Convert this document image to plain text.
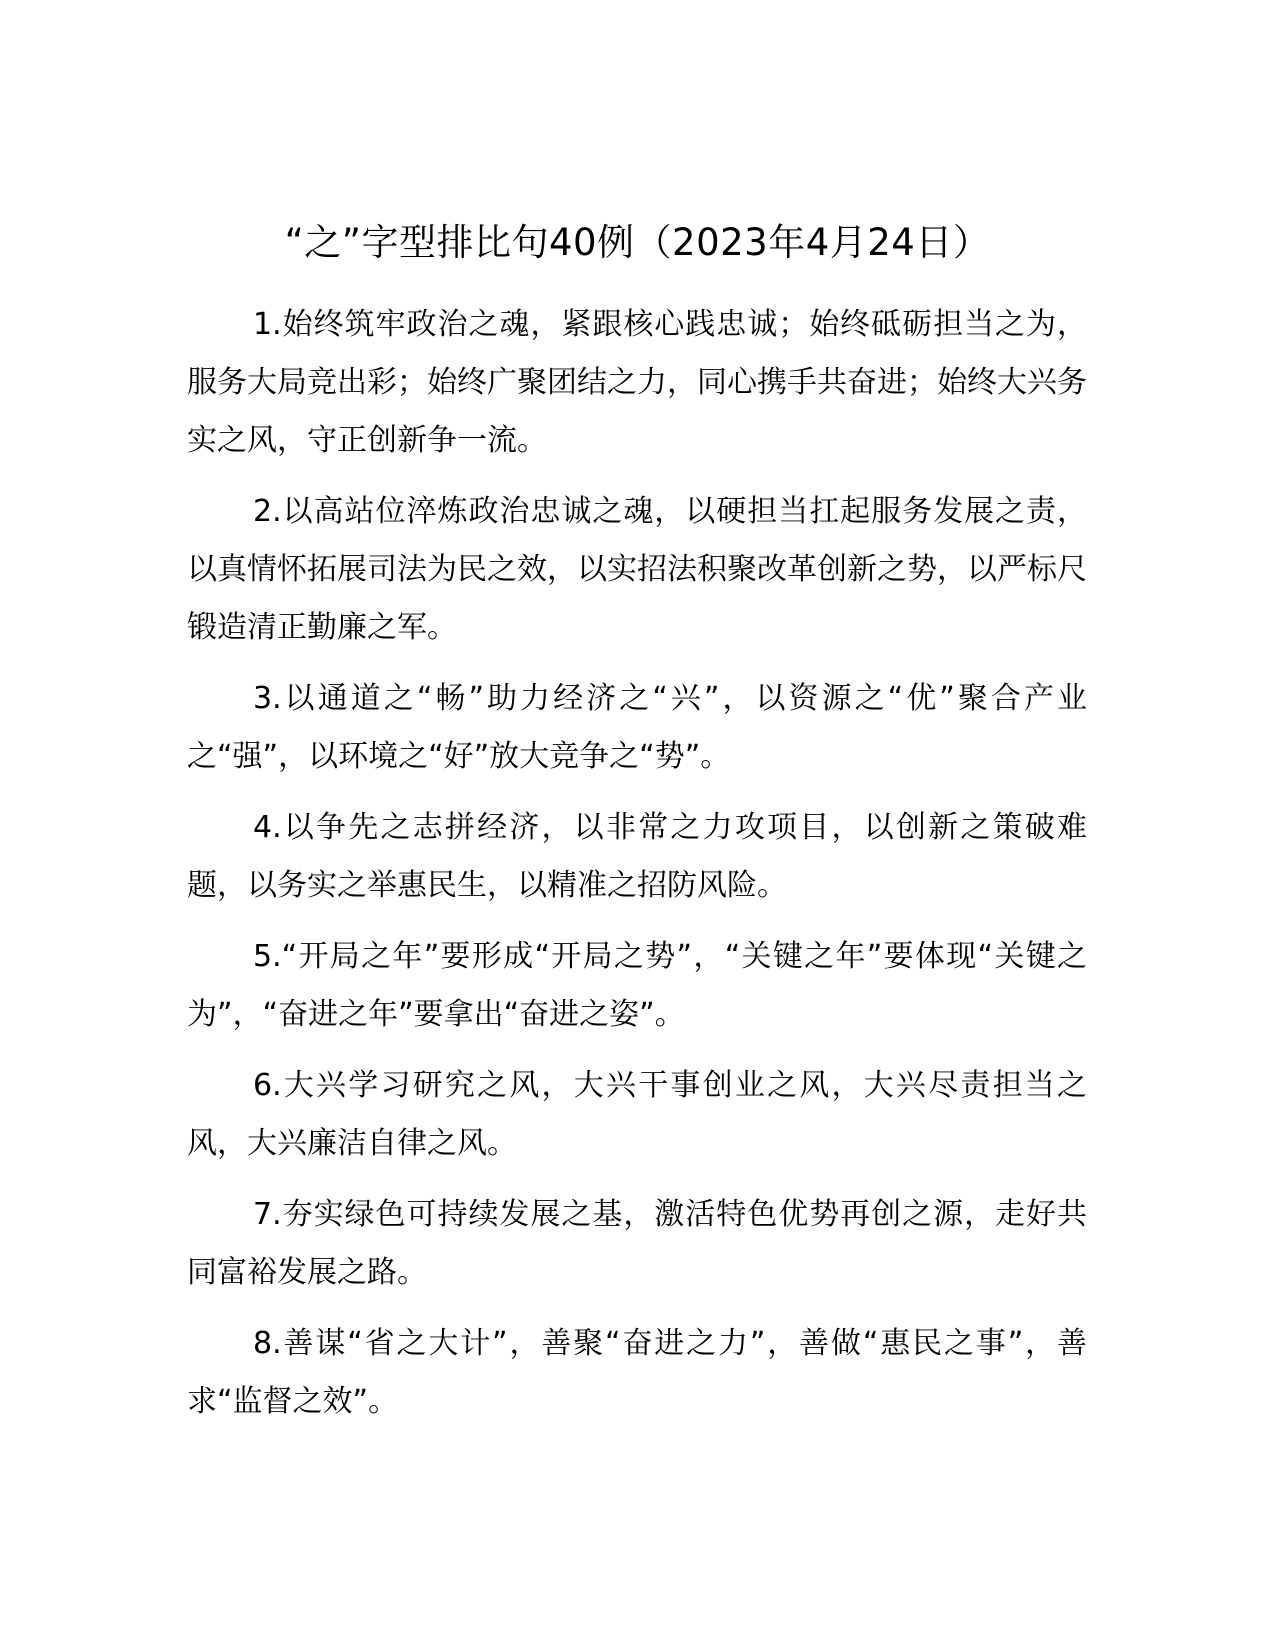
“之”字型排比句40例（2023年4月24日）

1.始终筑牢政治之魂，紧跟核心践忠诚；始终砥砺担当之为，服务大局竞出彩；始终广聚团结之力，同心携手共奋进；始终大兴务实之风，守正创新争一流。

2.以高站位淬炼政治忠诚之魂，以硬担当扛起服务发展之责，以真情怀拓展司法为民之效，以实招法积聚改革创新之势，以严标尺锻造清正勤廉之军。

3.以通道之“畅”助力经济之“兴”，以资源之“优”聚合产业之“强”，以环境之“好”放大竞争之“势”。

4.以争先之志拼经济，以非常之力攻项目，以创新之策破难题，以务实之举惠民生，以精准之招防风险。

5.“开局之年”要形成“开局之势”，“关键之年”要体现“关键之为”，“奋进之年”要拿出“奋进之姿”。

6.大兴学习研究之风，大兴干事创业之风，大兴尽责担当之风，大兴廉洁自律之风。

7.夯实绿色可持续发展之基，激活特色优势再创之源，走好共同富裕发展之路。

8.善谋“省之大计”，善聚“奋进之力”，善做“惠民之事”，善求“监督之效”。
